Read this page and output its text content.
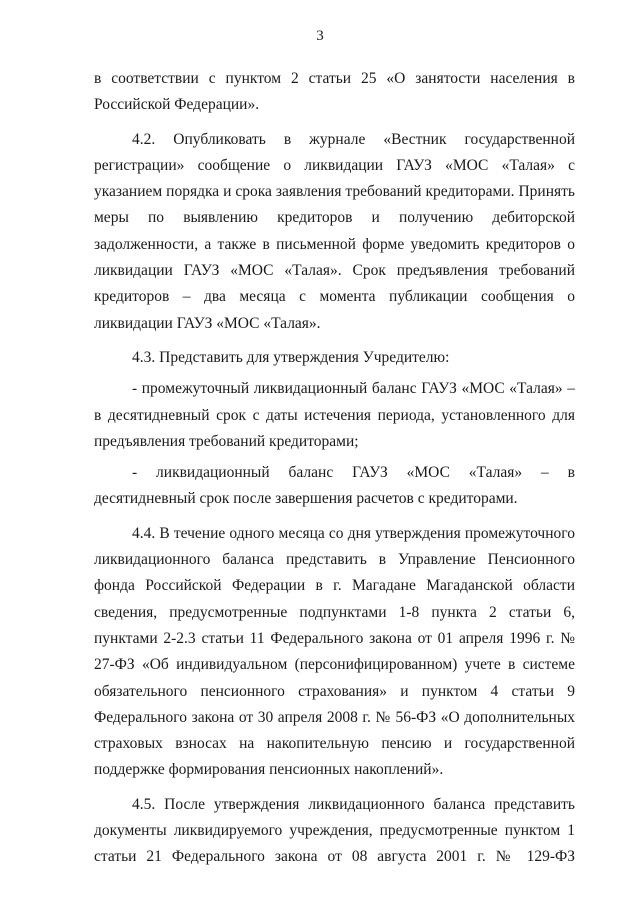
3

в соответствии с пунктом 2 статьи 25 «О занятости населения в Российской Федерации».

4.2. Опубликовать в журнале «Вестник государственной регистрации» сообщение о ликвидации ГАУЗ «МОС «Талая» с указанием порядка и срока заявления требований кредиторами. Принять меры по выявлению кредиторов и получению дебиторской задолженности, а также в письменной форме уведомить кредиторов о ликвидации ГАУЗ «МОС «Талая». Срок предъявления требований кредиторов – два месяца с момента публикации сообщения о ликвидации ГАУЗ «МОС «Талая».

4.3. Представить для утверждения Учредителю:

- промежуточный ликвидационный баланс ГАУЗ «МОС «Талая» – в десятидневный срок с даты истечения периода, установленного для предъявления требований кредиторами;

- ликвидационный баланс ГАУЗ «МОС «Талая» – в десятидневный срок после завершения расчетов с кредиторами.

4.4. В течение одного месяца со дня утверждения промежуточного ликвидационного баланса представить в Управление Пенсионного фонда Российской Федерации в г. Магадане Магаданской области сведения, предусмотренные подпунктами 1-8 пункта 2 статьи 6, пунктами 2-2.3 статьи 11 Федерального закона от 01 апреля 1996 г. № 27-ФЗ «Об индивидуальном (персонифицированном) учете в системе обязательного пенсионного страхования» и пунктом 4 статьи 9 Федерального закона от 30 апреля 2008 г. № 56-ФЗ «О дополнительных страховых взносах на накопительную пенсию и государственной поддержке формирования пенсионных накоплений».

4.5. После утверждения ликвидационного баланса представить документы ликвидируемого учреждения, предусмотренные пунктом 1 статьи 21 Федерального закона от 08 августа 2001 г. № 129-ФЗ
